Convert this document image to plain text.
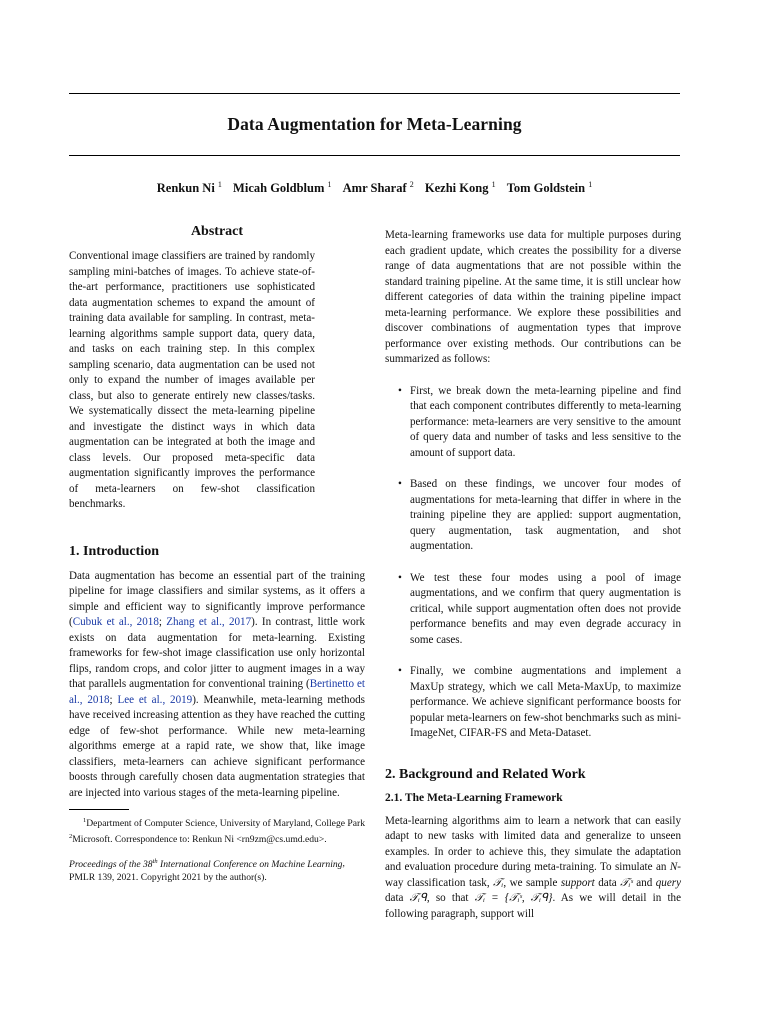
Data Augmentation for Meta-Learning
Renkun Ni $^1$ Micah Goldblum $^1$ Amr Sharaf $^2$ Kezhi Kong $^1$ Tom Goldstein $^1$
Abstract

Conventional image classifiers are trained by randomly sampling mini-batches of images. To achieve state-of-the-art performance, practitioners use sophisticated data augmentation schemes to expand the amount of training data available for sampling. In contrast, meta-learning algorithms sample support data, query data, and tasks on each training step. In this complex sampling scenario, data augmentation can be used not only to expand the number of images available per class, but also to generate entirely new classes/tasks. We systematically dissect the meta-learning pipeline and investigate the distinct ways in which data augmentation can be integrated at both the image and class levels. Our proposed meta-specific data augmentation significantly improves the performance of meta-learners on few-shot classification benchmarks.

1. Introduction

Data augmentation has become an essential part of the training pipeline for image classifiers and similar systems, as it offers a simple and efficient way to significantly improve performance (Cubuk et al., 2018; Zhang et al., 2017). In contrast, little work exists on data augmentation for meta-learning. Existing frameworks for few-shot image classification use only horizontal flips, random crops, and color jitter to augment images in a way that parallels augmentation for conventional training (Bertinetto et al., 2018; Lee et al., 2019). Meanwhile, meta-learning methods have received increasing attention as they have reached the cutting edge of few-shot performance. While new meta-learning algorithms emerge at a rapid rate, we show that, like image classifiers, meta-learners can achieve significant performance boosts through carefully chosen data augmentation strategies that are injected into various stages of the meta-learning pipeline.

$^1$Department of Computer Science, University of Maryland, College Park $^2$Microsoft. Correspondence to: Renkun Ni <rn9zm@cs.umd.edu>.
Proceedings of the 38th International Conference on Machine Learning, PMLR 139, 2021. Copyright 2021 by the author(s).

Meta-learning frameworks use data for multiple purposes during each gradient update, which creates the possibility for a diverse range of data augmentations that are not possible within the standard training pipeline. At the same time, it is still unclear how different categories of data within the training pipeline impact meta-learning performance. We explore these possibilities and discover combinations of augmentation types that improve performance over existing methods. Our contributions can be summarized as follows:

• First, we break down the meta-learning pipeline and find that each component contributes differently to meta-learning performance: meta-learners are very sensitive to the amount of query data and number of tasks and less sensitive to the amount of support data.
• Based on these findings, we uncover four modes of augmentations for meta-learning that differ in where in the training pipeline they are applied: support augmentation, query augmentation, task augmentation, and shot augmentation.
• We test these four modes using a pool of image augmentations, and we confirm that query augmentation is critical, while support augmentation often does not provide performance benefits and may even degrade accuracy in some cases.
• Finally, we combine augmentations and implement a MaxUp strategy, which we call Meta-MaxUp, to maximize performance. We achieve significant performance boosts for popular meta-learners on few-shot benchmarks such as mini-ImageNet, CIFAR-FS and Meta-Dataset.
2. Background and Related Work
2.1. The Meta-Learning Framework

Meta-learning algorithms aim to learn a network that can easily adapt to new tasks with limited data and generalize to unseen examples. In order to achieve this, they simulate the adaptation and evaluation procedure during meta-training. To simulate an N-way classification task, 𝒯ᵢ, we sample support data 𝒯ᵢˢ and query data 𝒯ᵢᑫ, so that 𝒯ᵢ = {𝒯ᵢˢ, 𝒯ᵢᑫ}. As we will detail in the following paragraph, support will
